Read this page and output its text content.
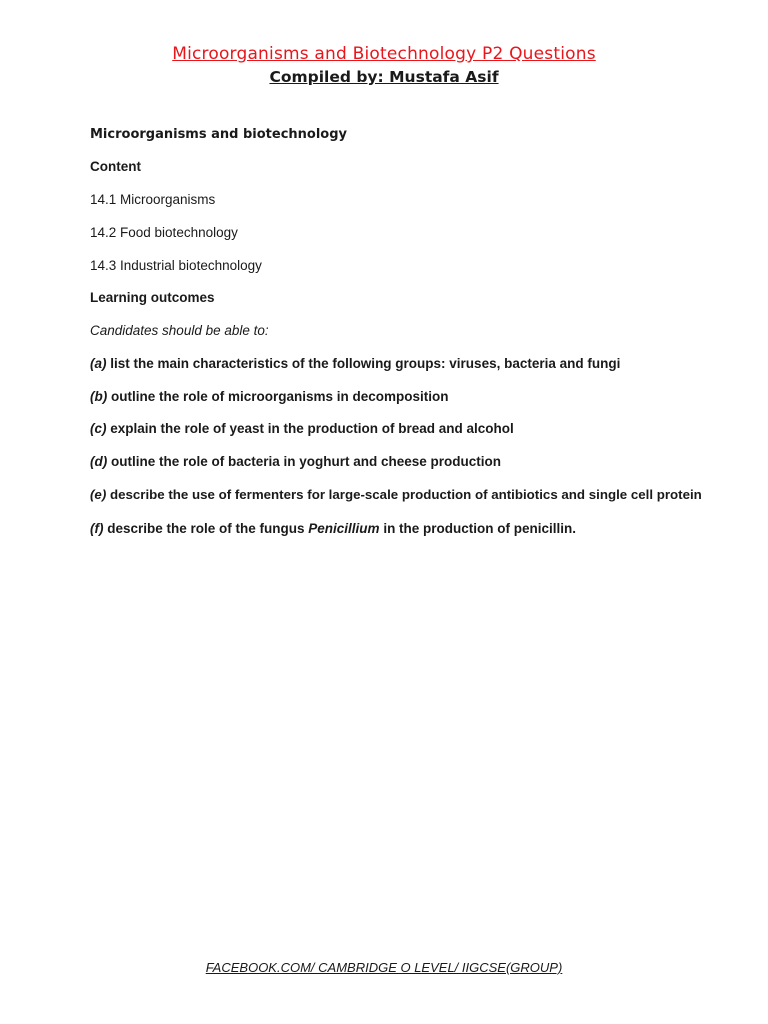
Microorganisms and Biotechnology P2 Questions
Compiled by: Mustafa Asif
Microorganisms and biotechnology
Content
14.1 Microorganisms
14.2 Food biotechnology
14.3 Industrial biotechnology
Learning outcomes
Candidates should be able to:
(a) list the main characteristics of the following groups: viruses, bacteria and fungi
(b) outline the role of microorganisms in decomposition
(c) explain the role of yeast in the production of bread and alcohol
(d) outline the role of bacteria in yoghurt and cheese production
(e) describe the use of fermenters for large-scale production of antibiotics and single cell protein
(f) describe the role of the fungus Penicillium in the production of penicillin.
FACEBOOK.COM/ CAMBRIDGE O LEVEL/ IIGCSE(GROUP)
